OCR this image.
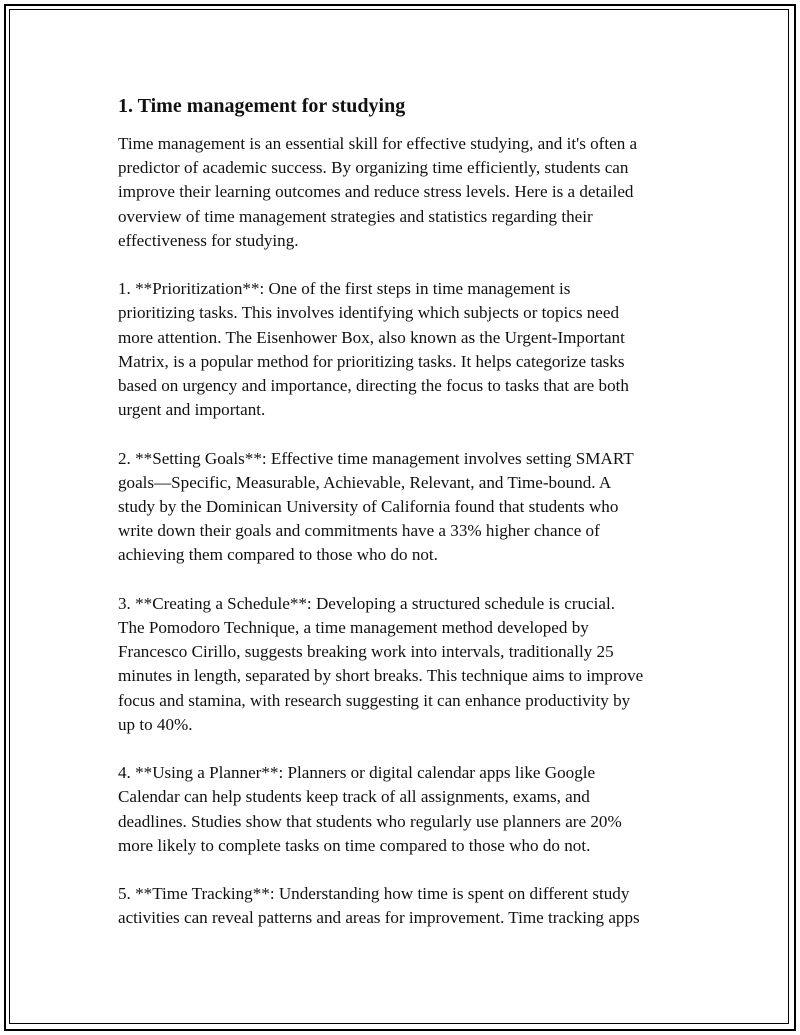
1. Time management for studying

Time management is an essential skill for effective studying, and it's often a
predictor of academic success. By organizing time efficiently, students can
improve their learning outcomes and reduce stress levels. Here is a detailed
overview of time management strategies and statistics regarding their
effectiveness for studying.

1. **Prioritization**: One of the first steps in time management is
prioritizing tasks. This involves identifying which subjects or topics need
more attention. The Eisenhower Box, also known as the Urgent-Important
Matrix, is a popular method for prioritizing tasks. It helps categorize tasks
based on urgency and importance, directing the focus to tasks that are both
urgent and important.

2. **Setting Goals**: Effective time management involves setting SMART
goals—Specific, Measurable, Achievable, Relevant, and Time-bound. A
study by the Dominican University of California found that students who
write down their goals and commitments have a 33% higher chance of
achieving them compared to those who do not.

3. **Creating a Schedule**: Developing a structured schedule is crucial.
The Pomodoro Technique, a time management method developed by
Francesco Cirillo, suggests breaking work into intervals, traditionally 25
minutes in length, separated by short breaks. This technique aims to improve
focus and stamina, with research suggesting it can enhance productivity by
up to 40%.

4. **Using a Planner**: Planners or digital calendar apps like Google
Calendar can help students keep track of all assignments, exams, and
deadlines. Studies show that students who regularly use planners are 20%
more likely to complete tasks on time compared to those who do not.

5. **Time Tracking**: Understanding how time is spent on different study
activities can reveal patterns and areas for improvement. Time tracking apps
